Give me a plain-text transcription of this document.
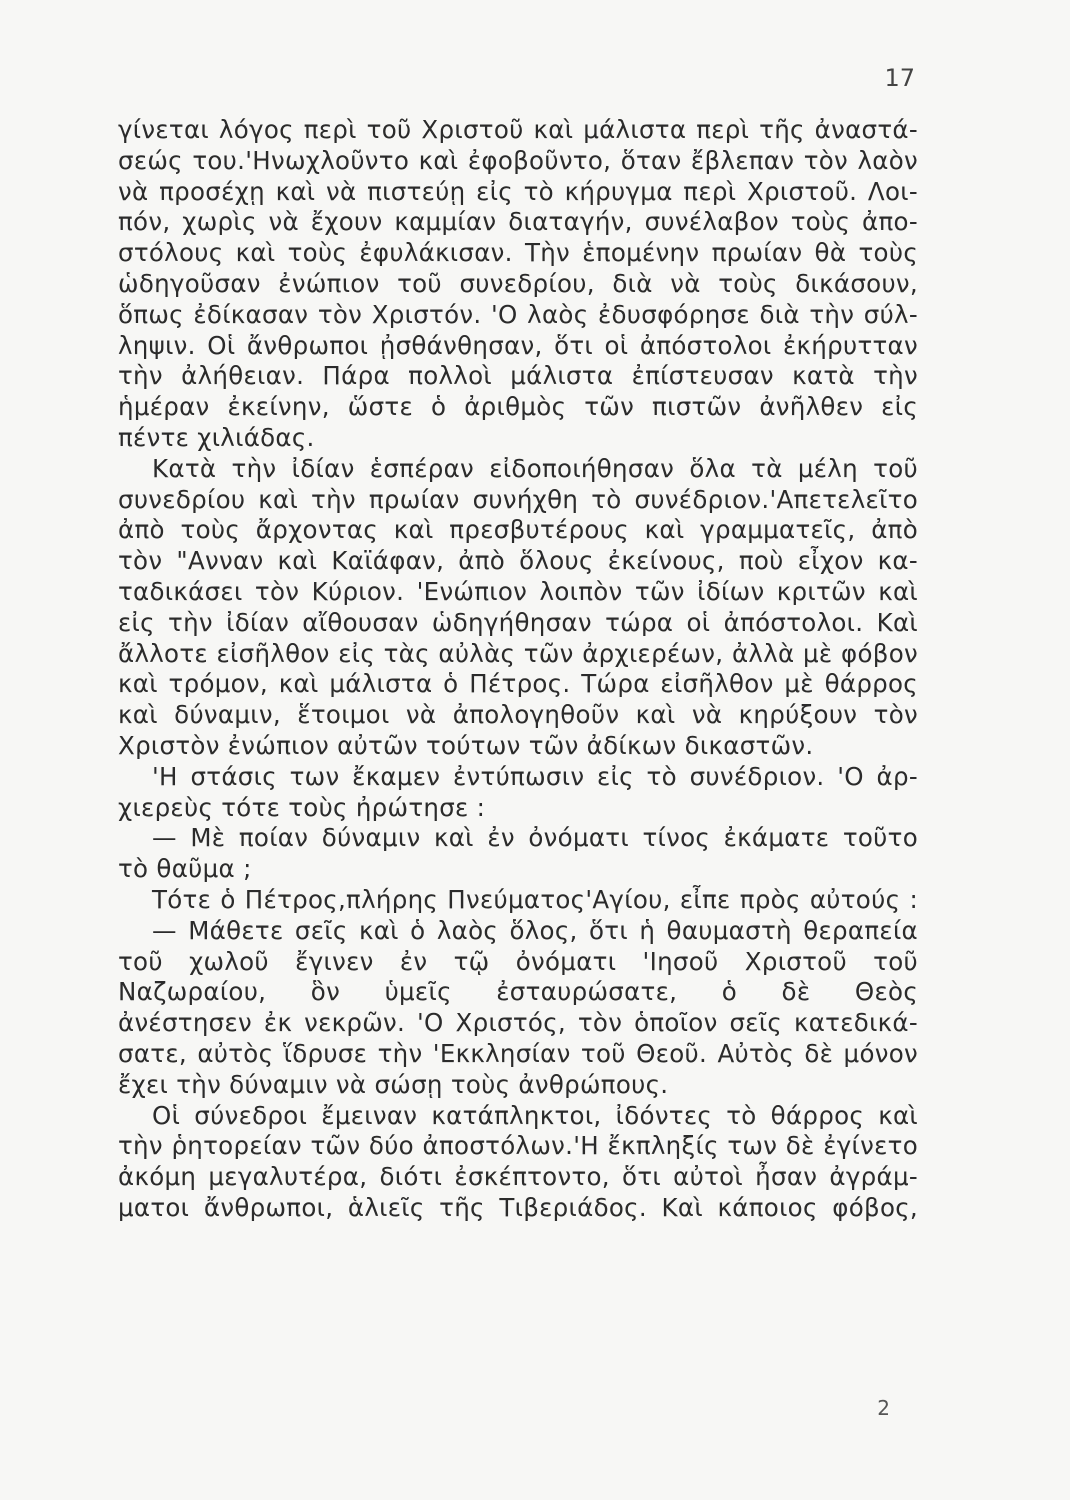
17
γίνεται λόγος περὶ τοῦ Χριστοῦ καὶ μάλιστα περὶ τῆς ἀναστά-
σεώς του.'Ηνωχλοῦντο καὶ ἐφοβοῦντο, ὅταν ἔβλεπαν τὸν λαὸν
νὰ προσέχῃ καὶ νὰ πιστεύῃ εἰς τὸ κήρυγμα περὶ Χριστοῦ. Λοι-
πόν, χωρὶς νὰ ἔχουν καμμίαν διαταγήν, συνέλαβον τοὺς ἀπο-
στόλους καὶ τοὺς ἐφυλάκισαν. Τὴν ἑπομένην πρωίαν θὰ τοὺς
ὡδηγοῦσαν ἐνώπιον τοῦ συνεδρίου, διὰ νὰ τοὺς δικάσουν,
ὅπως ἐδίκασαν τὸν Χριστόν. 'Ο λαὸς ἐδυσφόρησε διὰ τὴν σύλ-
ληψιν. Οἱ ἄνθρωποι ᾐσθάνθησαν, ὅτι οἱ ἀπόστολοι ἐκήρυτταν
τὴν ἀλήθειαν. Πάρα πολλοὶ μάλιστα ἐπίστευσαν κατὰ τὴν
ἡμέραν ἐκείνην, ὥστε ὁ ἀριθμὸς τῶν πιστῶν ἀνῆλθεν εἰς
πέντε χιλιάδας.
Κατὰ τὴν ἰδίαν ἑσπέραν εἰδοποιήθησαν ὅλα τὰ μέλη τοῦ
συνεδρίου καὶ τὴν πρωίαν συνήχθη τὸ συνέδριον.'Απετελεῖτο
ἀπὸ τοὺς ἄρχοντας καὶ πρεσβυτέρους καὶ γραμματεῖς, ἀπὸ
τὸν "Ανναν καὶ Καϊάφαν, ἀπὸ ὅλους ἐκείνους, ποὺ εἶχον κα-
ταδικάσει τὸν Κύριον. 'Ενώπιον λοιπὸν τῶν ἰδίων κριτῶν καὶ
εἰς τὴν ἰδίαν αἴθουσαν ὡδηγήθησαν τώρα οἱ ἀπόστολοι. Καὶ
ἄλλοτε εἰσῆλθον εἰς τὰς αὐλὰς τῶν ἀρχιερέων, ἀλλὰ μὲ φόβον
καὶ τρόμον, καὶ μάλιστα ὁ Πέτρος. Τώρα εἰσῆλθον μὲ θάρρος
καὶ δύναμιν, ἕτοιμοι νὰ ἀπολογηθοῦν καὶ νὰ κηρύξουν τὸν
Χριστὸν ἐνώπιον αὐτῶν τούτων τῶν ἀδίκων δικαστῶν.
'Η στάσις των ἔκαμεν ἐντύπωσιν εἰς τὸ συνέδριον. 'Ο ἀρ-
χιερεὺς τότε τοὺς ἠρώτησε :
— Μὲ ποίαν δύναμιν καὶ ἐν ὀνόματι τίνος ἐκάματε τοῦτο
τὸ θαῦμα ;
Τότε ὁ Πέτρος,πλήρης Πνεύματος'Αγίου, εἶπε πρὸς αὐτούς :
— Μάθετε σεῖς καὶ ὁ λαὸς ὅλος, ὅτι ἡ θαυμαστὴ θεραπεία
τοῦ χωλοῦ ἔγινεν ἐν τῷ ὀνόματι 'Ιησοῦ Χριστοῦ τοῦ
Ναζωραίου, ὃν ὑμεῖς ἐσταυρώσατε, ὁ δὲ Θεὸς
ἀνέστησεν ἐκ νεκρῶν. 'Ο Χριστός, τὸν ὁποῖον σεῖς κατεδικά-
σατε, αὐτὸς ἵδρυσε τὴν 'Εκκλησίαν τοῦ Θεοῦ. Αὐτὸς δὲ μόνον
ἔχει τὴν δύναμιν νὰ σώσῃ τοὺς ἀνθρώπους.
Οἱ σύνεδροι ἔμειναν κατάπληκτοι, ἰδόντες τὸ θάρρος καὶ
τὴν ῥητορείαν τῶν δύο ἀποστόλων.'Η ἔκπληξίς των δὲ ἐγίνετο
ἀκόμη μεγαλυτέρα, διότι ἐσκέπτοντο, ὅτι αὐτοὶ ἦσαν ἀγράμ-
ματοι ἄνθρωποι, ἁλιεῖς τῆς Τιβεριάδος. Καὶ κάποιος φόβος,
2
